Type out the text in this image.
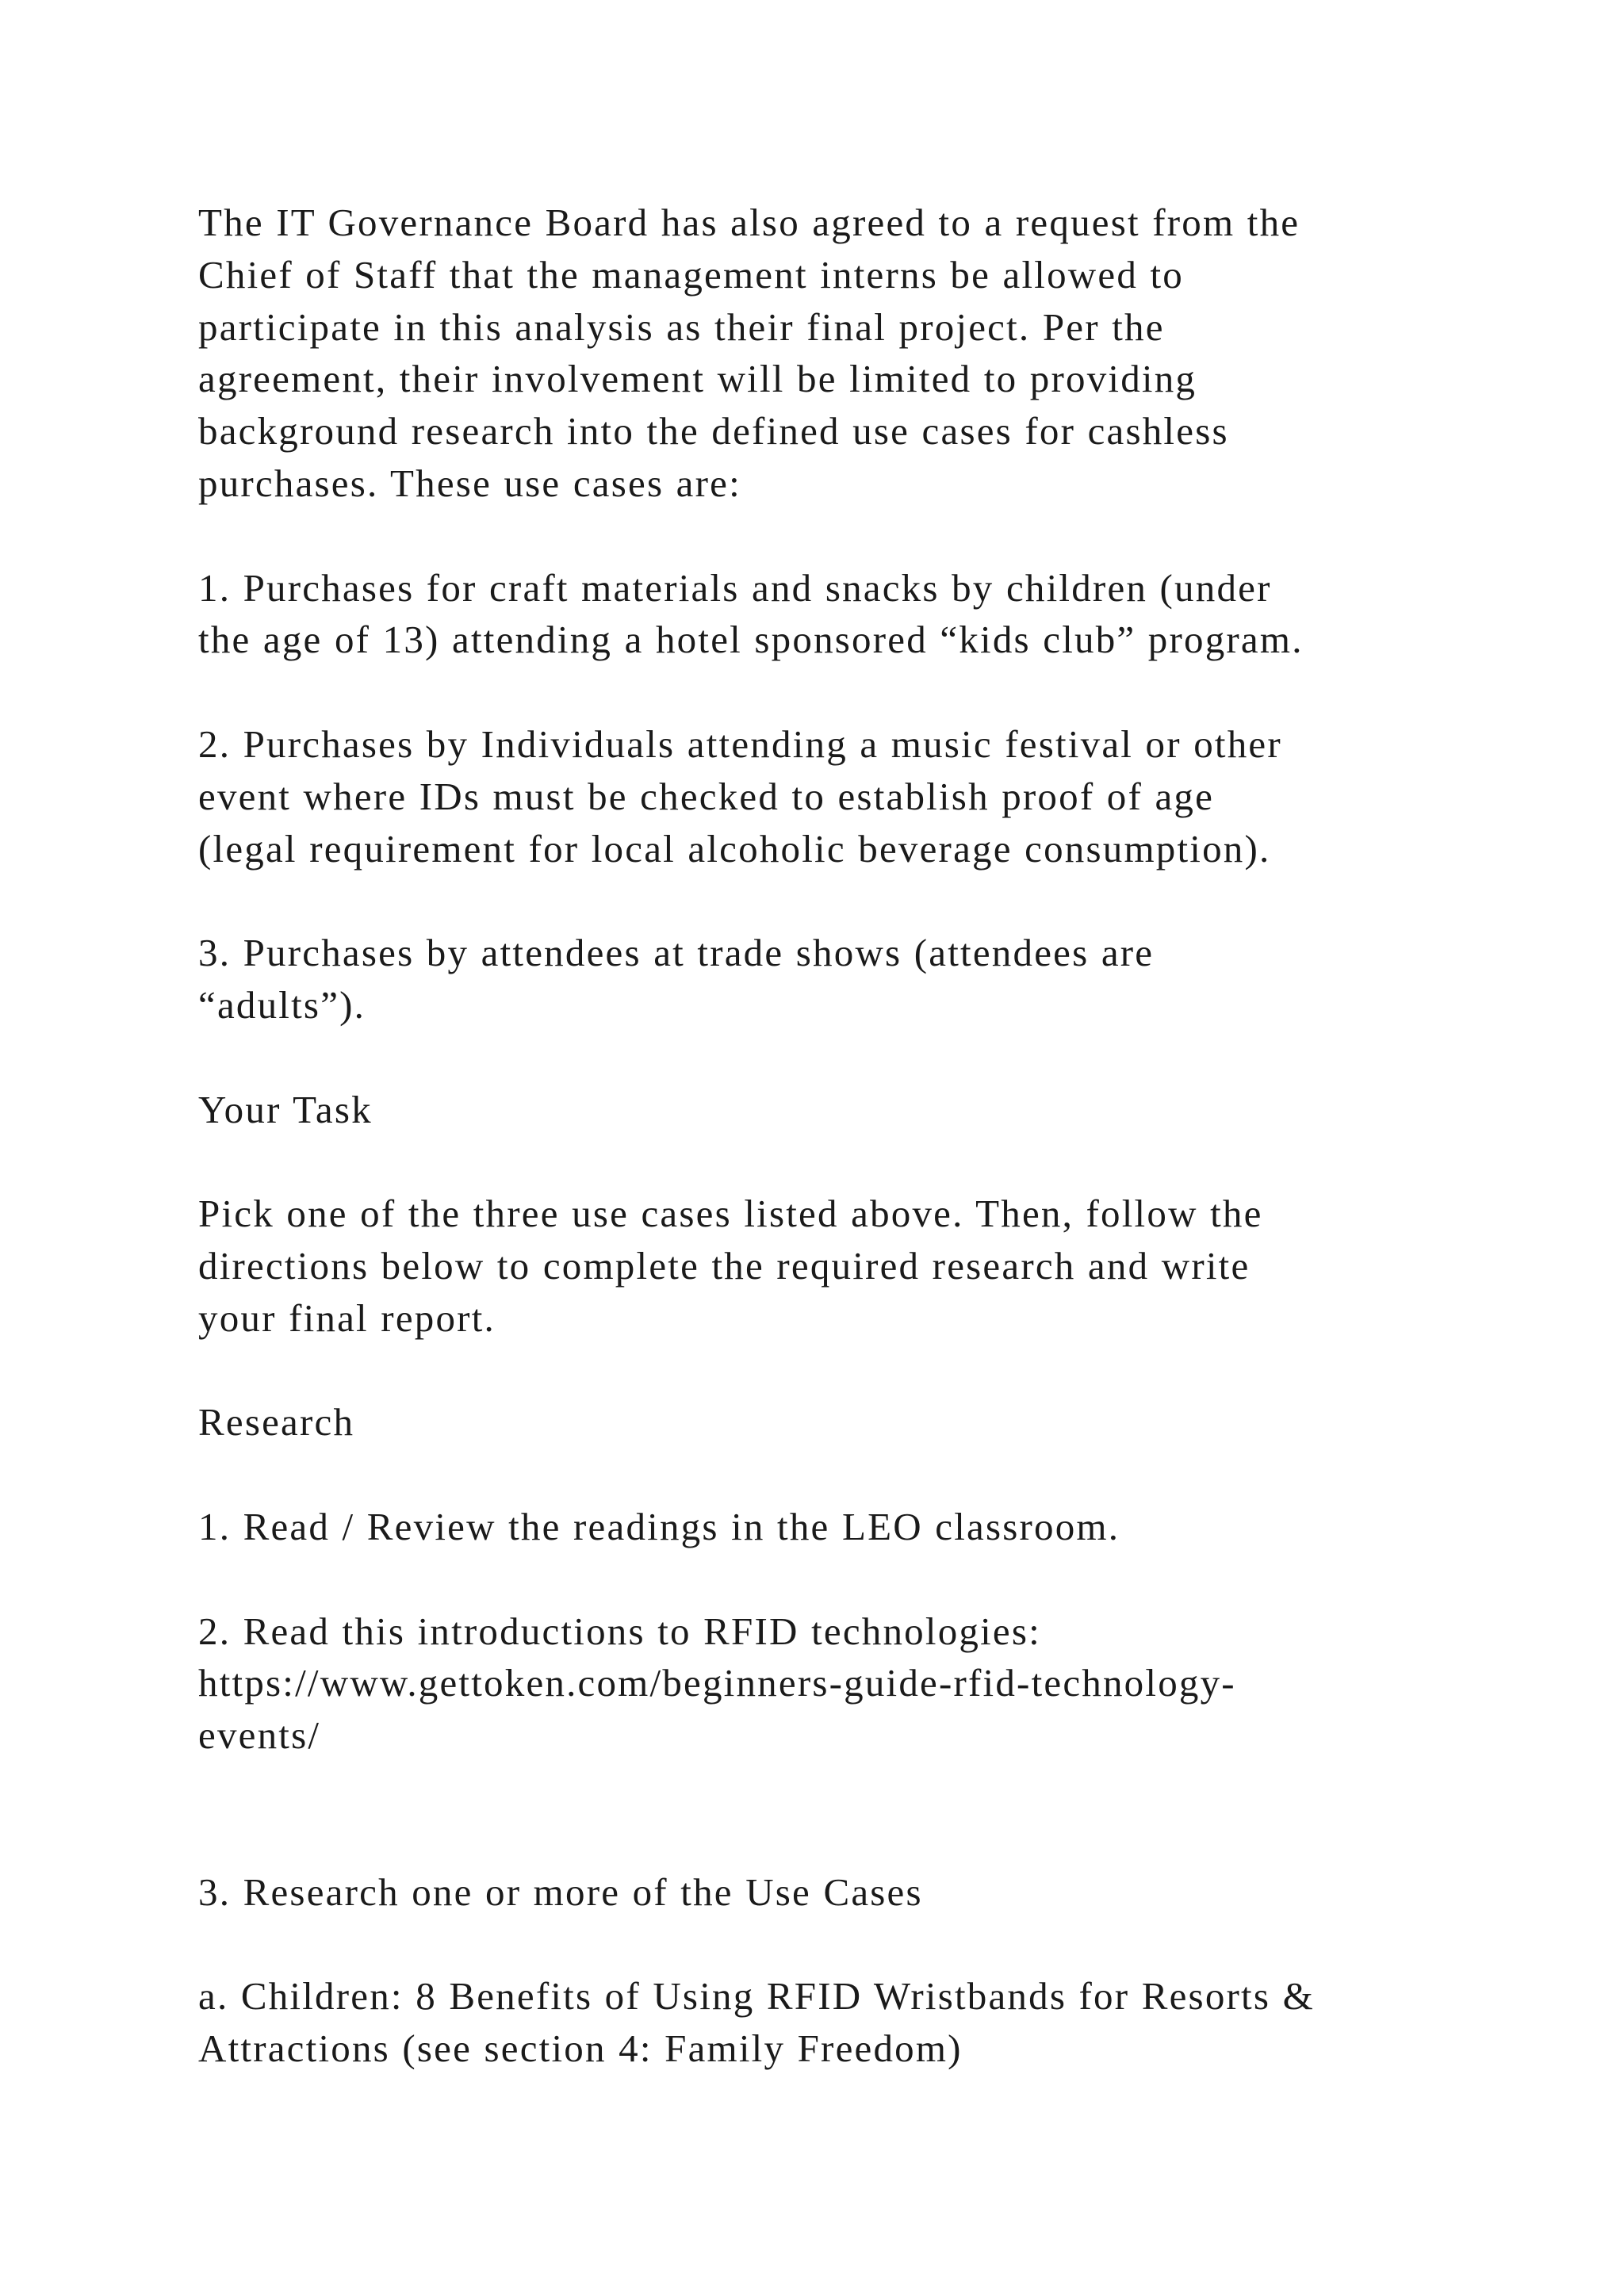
The IT Governance Board has also agreed to a request from the
Chief of Staff that the management interns be allowed to
participate in this analysis as their final project. Per the
agreement, their involvement will be limited to providing
background research into the defined use cases for cashless
purchases. These use cases are:
1. Purchases for craft materials and snacks by children (under
the age of 13) attending a hotel sponsored “kids club” program.
2. Purchases by Individuals attending a music festival or other
event where IDs must be checked to establish proof of age
(legal requirement for local alcoholic beverage consumption).
3. Purchases by attendees at trade shows (attendees are
“adults”).
Your Task
Pick one of the three use cases listed above. Then, follow the
directions below to complete the required research and write
your final report.
Research
1. Read / Review the readings in the LEO classroom.
2. Read this introductions to RFID technologies:
https://www.gettoken.com/beginners-guide-rfid-technology-
events/
3. Research one or more of the Use Cases
a. Children: 8 Benefits of Using RFID Wristbands for Resorts &
Attractions (see section 4: Family Freedom)
